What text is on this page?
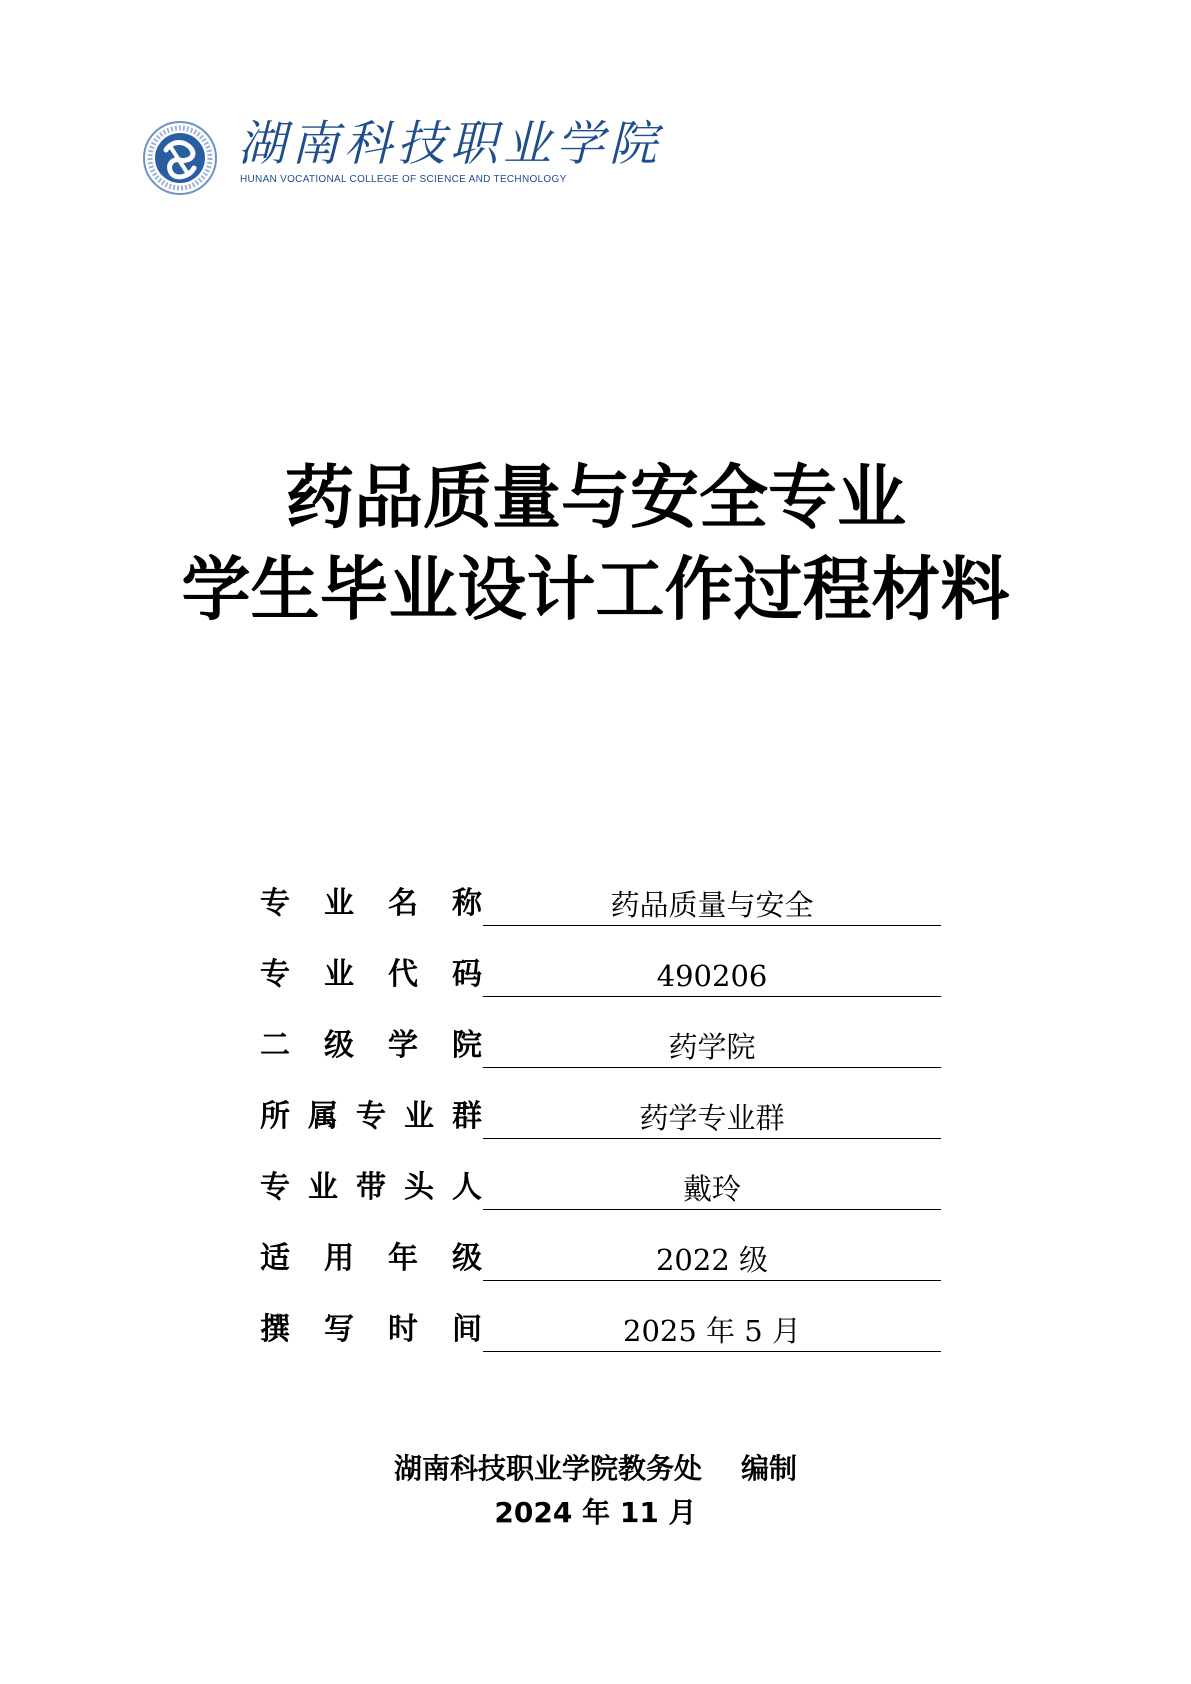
湖南科技职业学院
HUNAN VOCATIONAL COLLEGE OF SCIENCE AND TECHNOLOGY
药品质量与安全专业
学生毕业设计工作过程材料
专 业 名 称	药品质量与安全
专 业 代 码	490206
二 级 学 院	药学院
所 属 专 业 群	药学专业群
专 业 带 头 人	戴玲
适 用 年 级	2022 级
撰 写 时 间	2025 年 5 月
湖南科技职业学院教务处    编制
2024 年 11 月
